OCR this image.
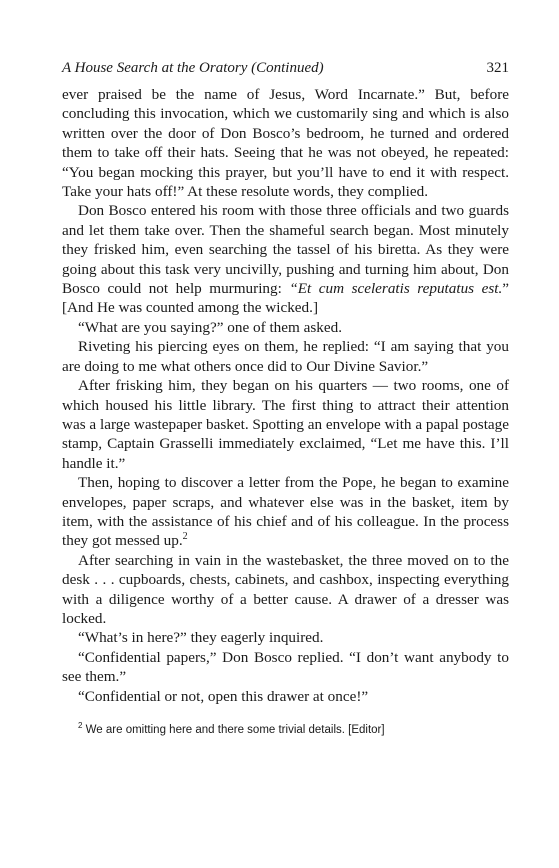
A House Search at the Oratory (Continued)	321

ever praised be the name of Jesus, Word Incarnate.” But, before concluding this invocation, which we customarily sing and which is also written over the door of Don Bosco’s bedroom, he turned and ordered them to take off their hats. Seeing that he was not obeyed, he repeated: “You began mocking this prayer, but you’ll have to end it with respect. Take your hats off!” At these resolute words, they complied.

Don Bosco entered his room with those three officials and two guards and let them take over. Then the shameful search began. Most minutely they frisked him, even searching the tassel of his biretta. As they were going about this task very uncivilly, pushing and turning him about, Don Bosco could not help murmuring: “Et cum sceleratis reputatus est.” [And He was counted among the wicked.]

“What are you saying?” one of them asked.

Riveting his piercing eyes on them, he replied: “I am saying that you are doing to me what others once did to Our Divine Savior.”

After frisking him, they began on his quarters — two rooms, one of which housed his little library. The first thing to attract their attention was a large wastepaper basket. Spotting an envelope with a papal postage stamp, Captain Grasselli immediately exclaimed, “Let me have this. I’ll handle it.”

Then, hoping to discover a letter from the Pope, he began to examine envelopes, paper scraps, and whatever else was in the basket, item by item, with the assistance of his chief and of his colleague. In the process they got messed up.$^2$

After searching in vain in the wastebasket, the three moved on to the desk . . . cupboards, chests, cabinets, and cashbox, inspecting everything with a diligence worthy of a better cause. A drawer of a dresser was locked.

“What’s in here?” they eagerly inquired.

“Confidential papers,” Don Bosco replied. “I don’t want anybody to see them.”

“Confidential or not, open this drawer at once!”

$^2$ We are omitting here and there some trivial details. [Editor]
